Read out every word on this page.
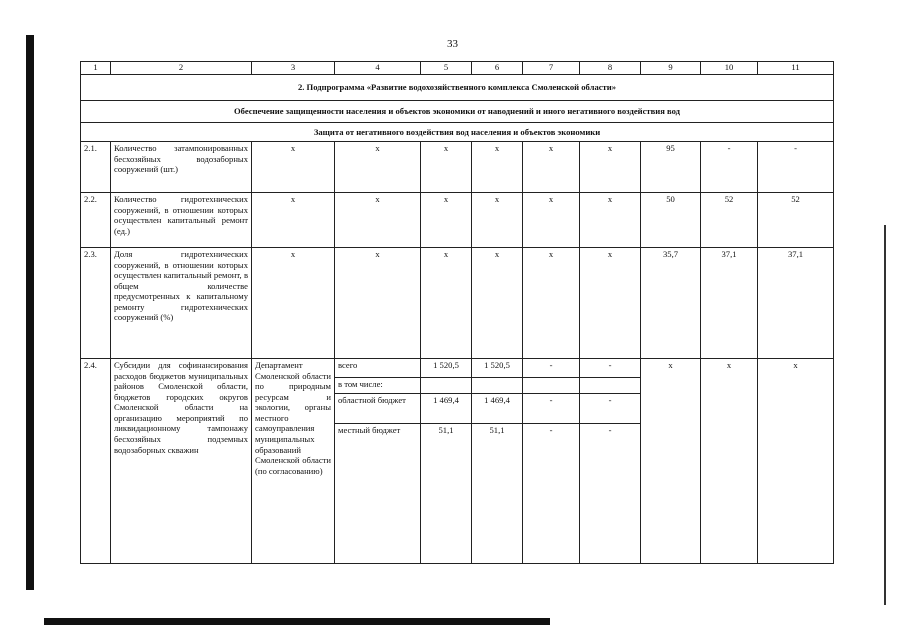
33
1	2	3	4	5	6	7	8	9	10	11
2. Подпрограмма «Развитие водохозяйственного комплекса Смоленской области»										
Обеспечение защищенности населения и объектов экономики от наводнений и иного негативного воздействия вод										
Защита от негативного воздействия вод населения и объектов экономики										
2.1.	Количество затампонированных бесхозяйных водозаборных сооружений (шт.)	x	x	x	x	x	x	95	-	-
2.2.	Количество гидротехнических сооружений, в отношении которых осуществлен капитальный ремонт (ед.)	x	x	x	x	x	x	50	52	52
2.3.	Доля гидротехнических сооружений, в отношении которых осуществлен капитальный ремонт, в общем количестве предусмотренных к капитальному ремонту гидротехнических сооружений (%)	x	x	x	x	x	x	35,7	37,1	37,1
2.4.	Субсидии для софинансирования расходов бюджетов муниципальных районов Смоленской области, бюджетов городских округов Смоленской области на организацию мероприятий по ликвидационному тампонажу бесхозяйных подземных водозаборных скважин	Департамент Смоленской области по природным ресурсам и экологии, органы местного самоуправления муниципальных образований Смоленской области (по согласованию)	всего	1 520,5	1 520,5	-	-	x	x	x
			в том числе:							
			областной бюджет	1 469,4	1 469,4	-	-			
			местный бюджет	51,1	51,1	-	-			
